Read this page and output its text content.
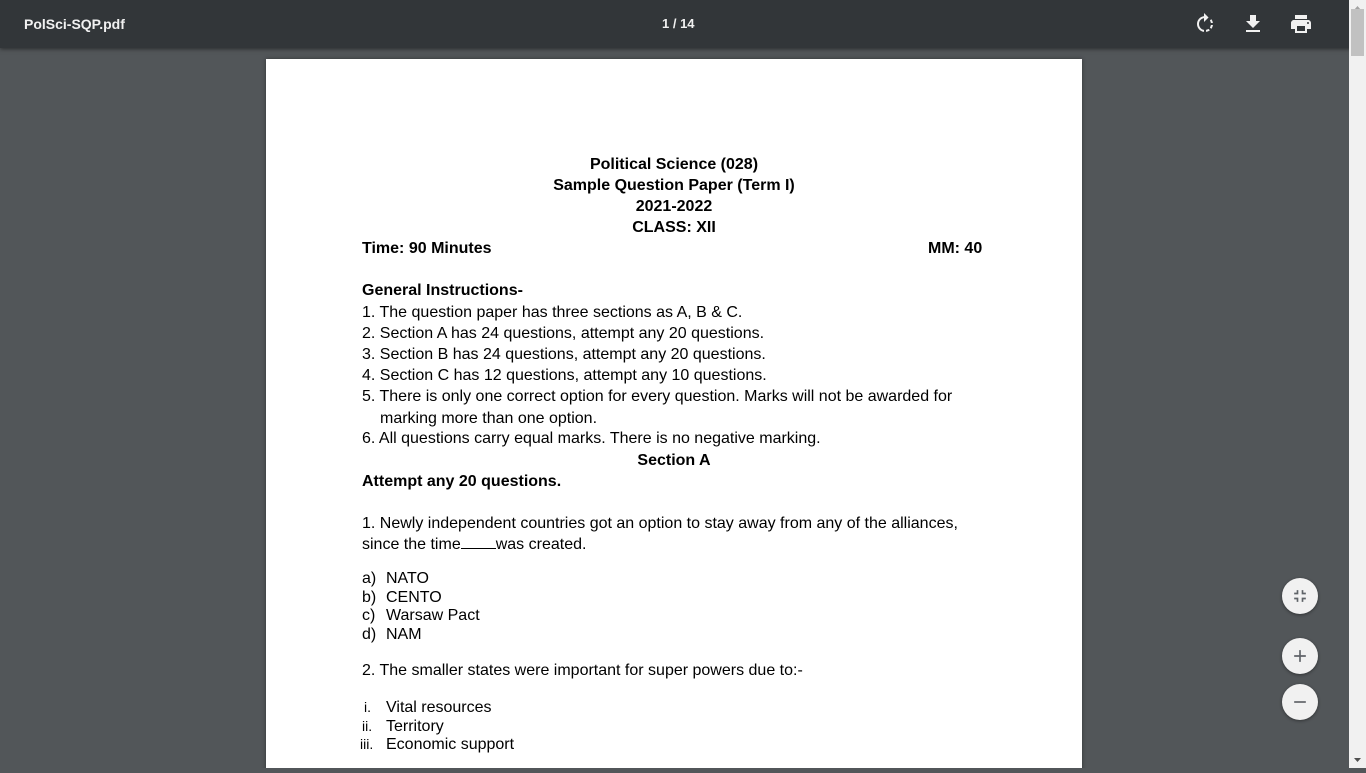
PolSci-SQP.pdf	1 / 14
Political Science (028)
Sample Question Paper (Term I)
2021-2022
CLASS: XII
Time: 90 Minutes	MM: 40
General Instructions-
1. The question paper has three sections as A, B & C.
2. Section A has 24 questions, attempt any 20 questions.
3. Section B has 24 questions, attempt any 20 questions.
4. Section C has 12 questions, attempt any 10 questions.
5. There is only one correct option for every question. Marks will not be awarded for
marking more than one option.
6. All questions carry equal marks. There is no negative marking.
Section A
Attempt any 20 questions.
1. Newly independent countries got an option to stay away from any of the alliances,
since the time was created.
a) NATO
b) CENTO
c) Warsaw Pact
d) NAM
2. The smaller states were important for super powers due to:-
i. Vital resources
ii. Territory
iii. Economic support
